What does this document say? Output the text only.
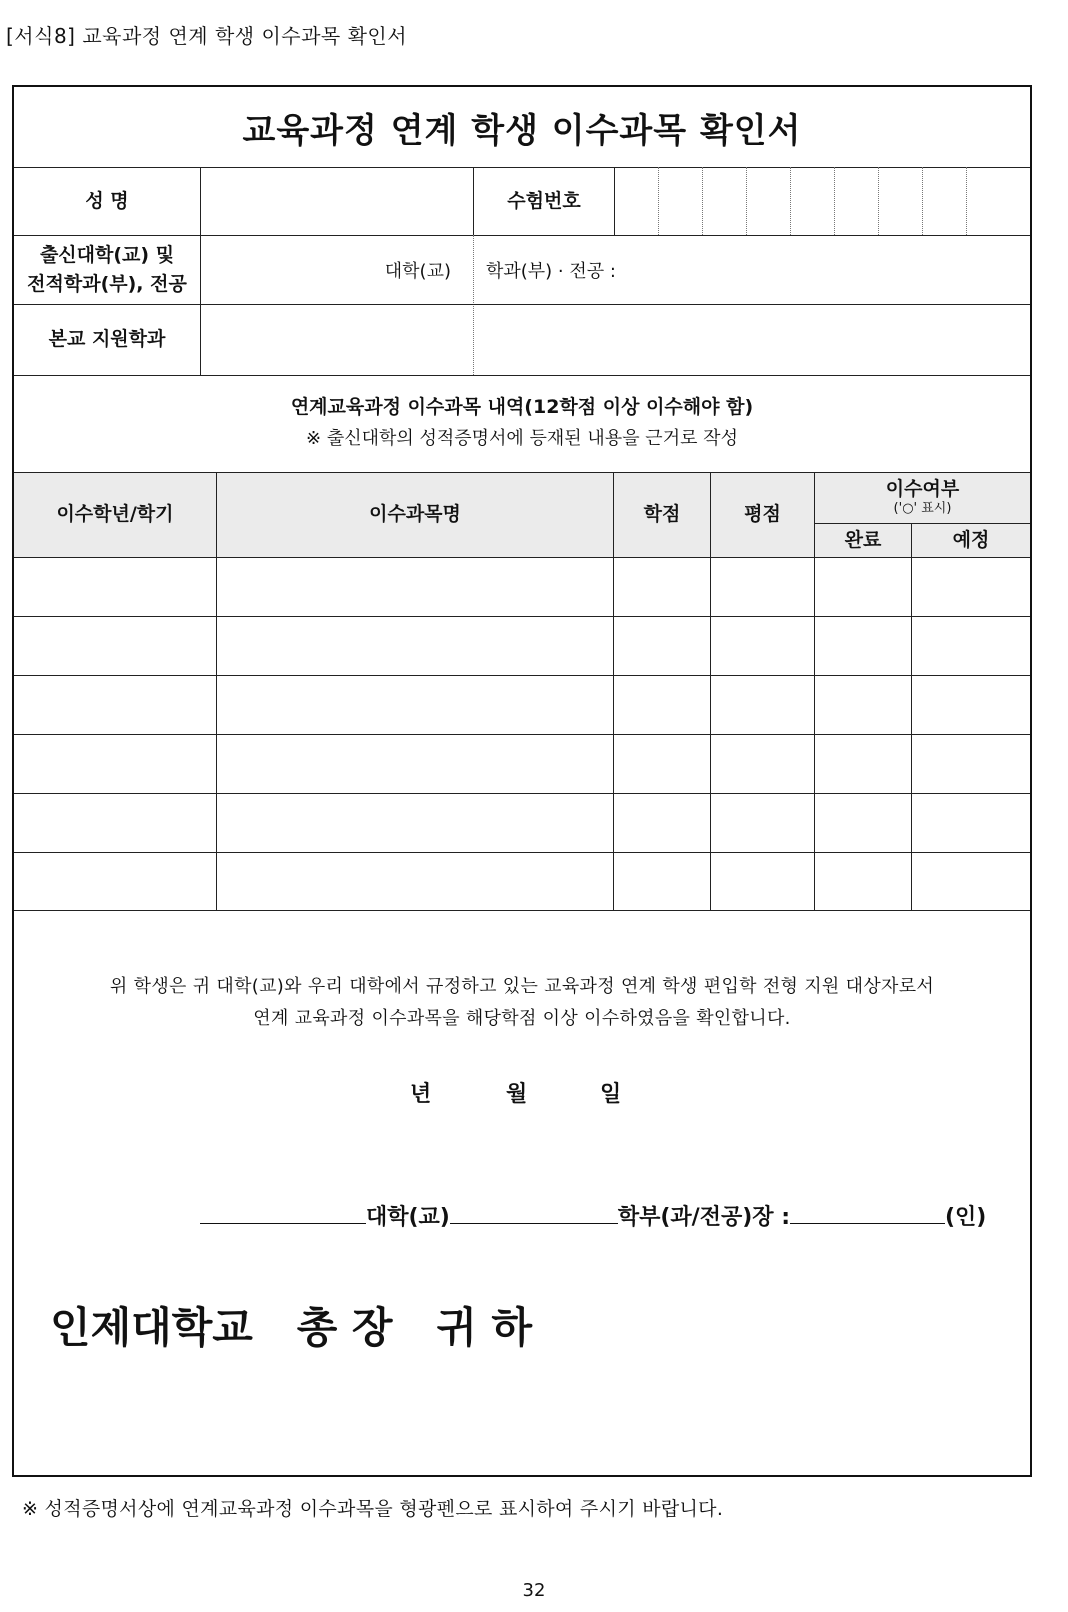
[서식8] 교육과정 연계 학생 이수과목 확인서
교육과정 연계 학생 이수과목 확인서
성 명	수험번호
출신대학(교) 및
전적학과(부), 전공
대학(교) 학과(부) · 전공 :
본교 지원학과
연계교육과정 이수과목 내역(12학점 이상 이수해야 함)
※ 출신대학의 성적증명서에 등재된 내용을 근거로 작성
이수학년/학기	이수과목명	학점	평점
이수여부
('○' 표시)
완료	예정
위 학생은 귀 대학(교)와 우리 대학에서 규정하고 있는 교육과정 연계 학생 편입학 전형 지원 대상자로서
연계 교육과정 이수과목을 해당학점 이상 이수하였음을 확인합니다.
년	월	일
대학(교)	학부(과/전공)장 :	(인)
인제대학교   총 장   귀 하
※ 성적증명서상에 연계교육과정 이수과목을 형광펜으로 표시하여 주시기 바랍니다.
32
